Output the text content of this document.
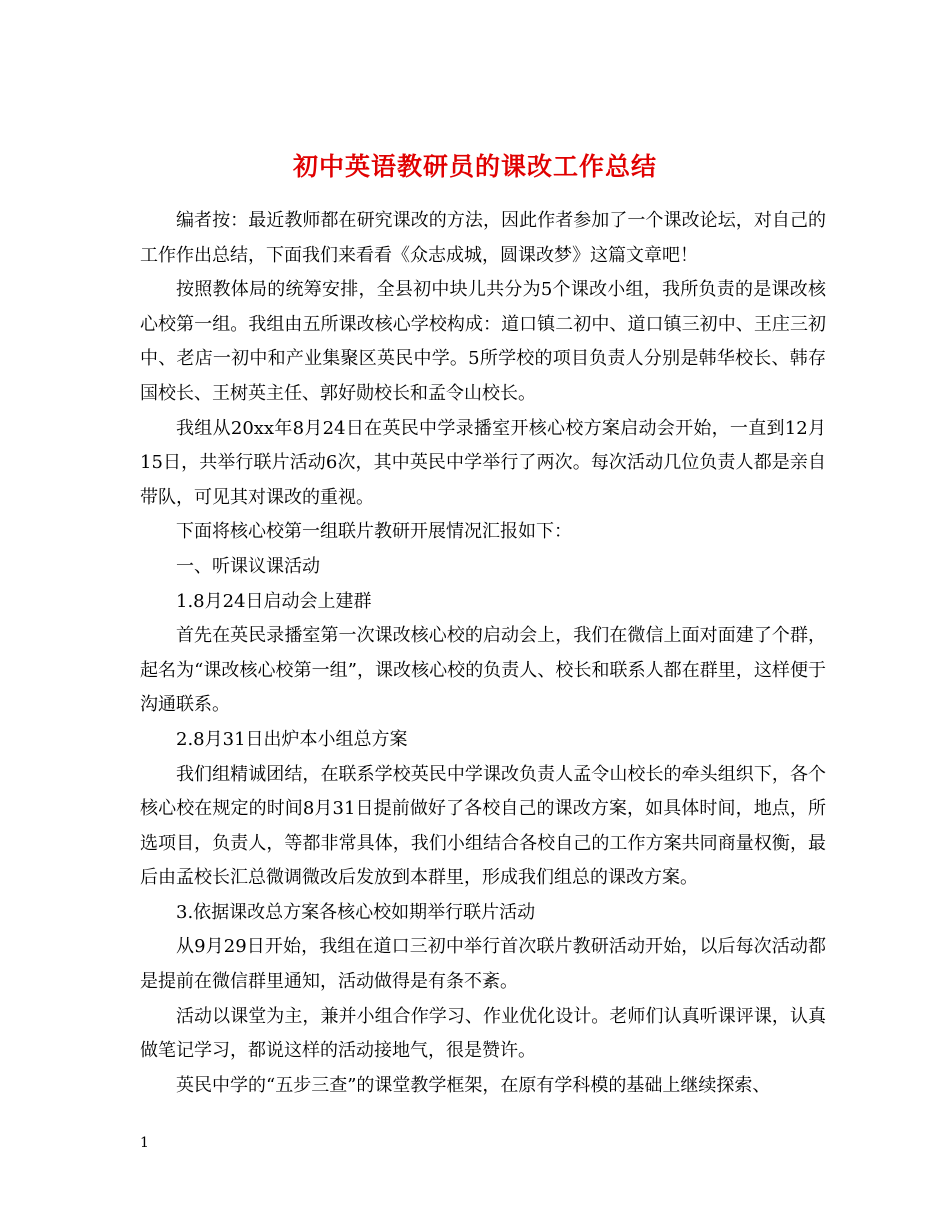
初中英语教研员的课改工作总结

编者按：最近教师都在研究课改的方法，因此作者参加了一个课改论坛，对自己的工作作出总结，下面我们来看看《众志成城，圆课改梦》这篇文章吧！

按照教体局的统筹安排，全县初中块儿共分为5个课改小组，我所负责的是课改核心校第一组。我组由五所课改核心学校构成：道口镇二初中、道口镇三初中、王庄三初中、老店一初中和产业集聚区英民中学。5所学校的项目负责人分别是韩华校长、韩存国校长、王树英主任、郭好勋校长和孟令山校长。

我组从20xx年8月24日在英民中学录播室开核心校方案启动会开始，一直到12月15日，共举行联片活动6次，其中英民中学举行了两次。每次活动几位负责人都是亲自带队，可见其对课改的重视。

下面将核心校第一组联片教研开展情况汇报如下：

一、听课议课活动

1.8月24日启动会上建群

首先在英民录播室第一次课改核心校的启动会上，我们在微信上面对面建了个群，起名为“课改核心校第一组”，课改核心校的负责人、校长和联系人都在群里，这样便于沟通联系。

2.8月31日出炉本小组总方案

我们组精诚团结，在联系学校英民中学课改负责人孟令山校长的牵头组织下，各个核心校在规定的时间8月31日提前做好了各校自己的课改方案，如具体时间，地点，所选项目，负责人，等都非常具体，我们小组结合各校自己的工作方案共同商量权衡，最后由孟校长汇总微调微改后发放到本群里，形成我们组总的课改方案。

3.依据课改总方案各核心校如期举行联片活动

从9月29日开始，我组在道口三初中举行首次联片教研活动开始，以后每次活动都是提前在微信群里通知，活动做得是有条不紊。

活动以课堂为主，兼并小组合作学习、作业优化设计。老师们认真听课评课，认真做笔记学习，都说这样的活动接地气，很是赞许。

英民中学的“五步三查”的课堂教学框架，在原有学科模的基础上继续探索、

1
